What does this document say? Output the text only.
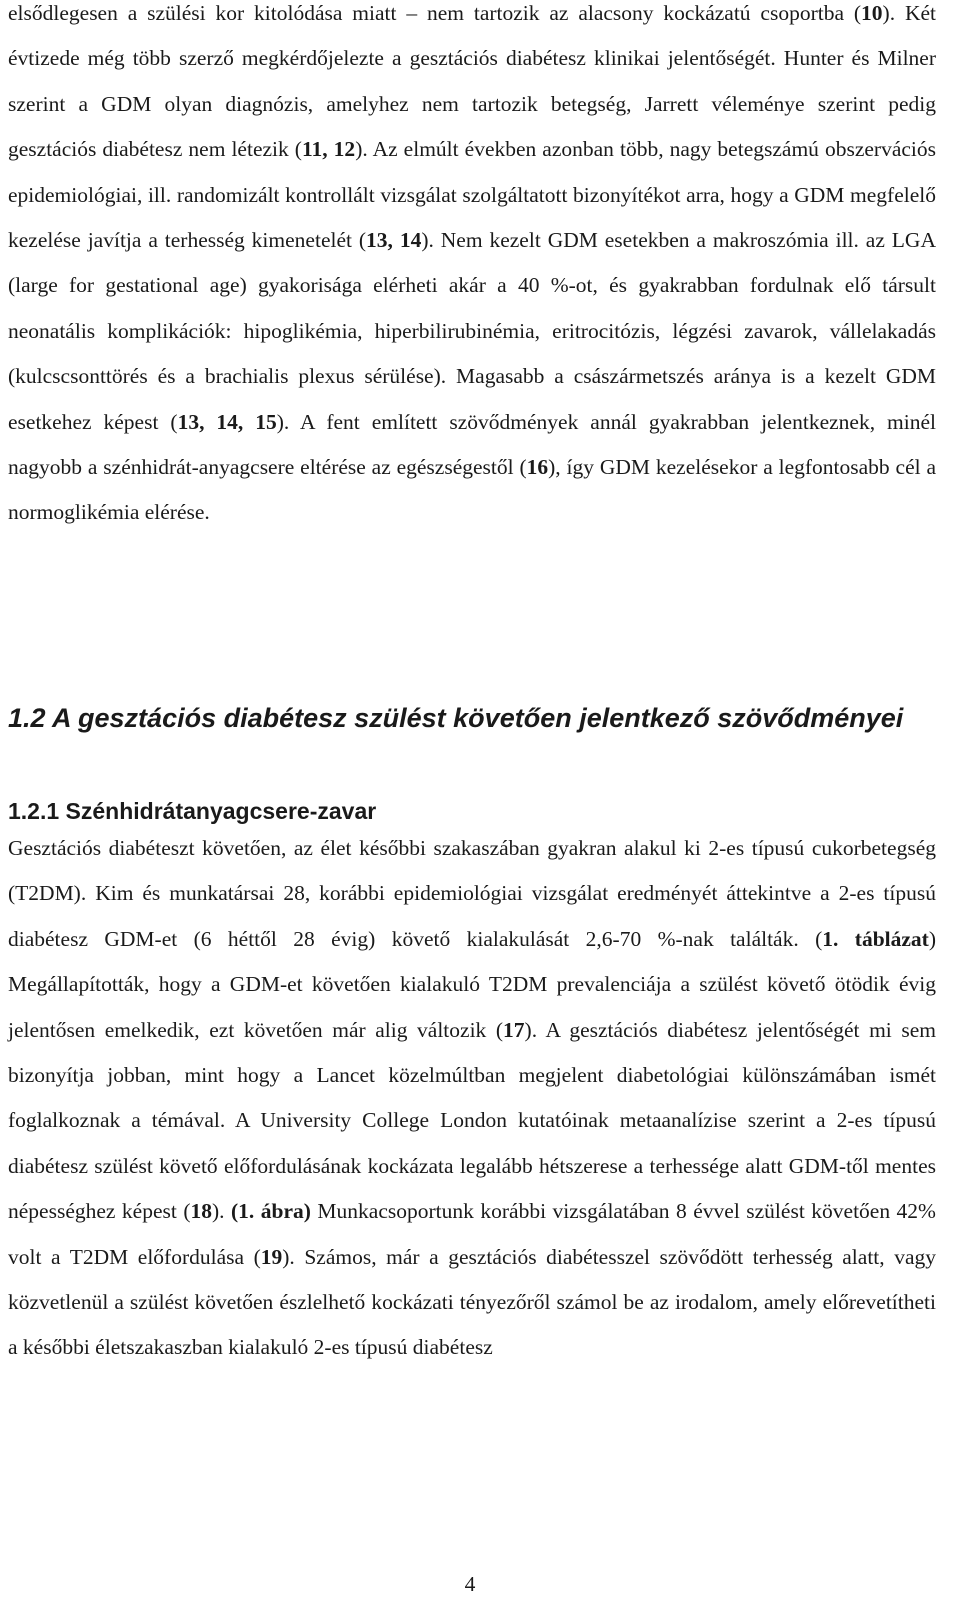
elsődlegesen a szülési kor kitolódása miatt – nem tartozik az alacsony kockázatú csoportba (10). Két évtizede még több szerző megkérdőjelezte a gesztációs diabétesz klinikai jelentőségét. Hunter és Milner szerint a GDM olyan diagnózis, amelyhez nem tartozik betegség, Jarrett véleménye szerint pedig gesztációs diabétesz nem létezik (11, 12). Az elmúlt években azonban több, nagy betegszámú obszervációs epidemiológiai, ill. randomizált kontrollált vizsgálat szolgáltatott bizonyítékot arra, hogy a GDM megfelelő kezelése javítja a terhesség kimenetelét (13, 14). Nem kezelt GDM esetekben a makroszómia ill. az LGA (large for gestational age) gyakorisága elérheti akár a 40 %-ot, és gyakrabban fordulnak elő társult neonatális komplikációk: hipoglikémia, hiperbilirubinémia, eritrocitózis, légzési zavarok, vállelakadás (kulcscsonttörés és a brachialis plexus sérülése). Magasabb a császármetszés aránya is a kezelt GDM esetkehez képest (13, 14, 15). A fent említett szövődmények annál gyakrabban jelentkeznek, minél nagyobb a szénhidrát-anyagcsere eltérése az egészségestől (16), így GDM kezelésekor a legfontosabb cél a normoglikémia elérése.

1.2 A gesztációs diabétesz szülést követően jelentkező szövődményei
1.2.1 Szénhidrátanyagcsere-zavar

Gesztációs diabéteszt követően, az élet későbbi szakaszában gyakran alakul ki 2-es típusú cukorbetegség (T2DM). Kim és munkatársai 28, korábbi epidemiológiai vizsgálat eredményét áttekintve a 2-es típusú diabétesz GDM-et (6 héttől 28 évig) követő kialakulását 2,6-70 %-nak találták. (1. táblázat) Megállapították, hogy a GDM-et követően kialakuló T2DM prevalenciája a szülést követő ötödik évig jelentősen emelkedik, ezt követően már alig változik (17). A gesztációs diabétesz jelentőségét mi sem bizonyítja jobban, mint hogy a Lancet közelmúltban megjelent diabetológiai különszámában ismét foglalkoznak a témával. A University College London kutatóinak metaanalízise szerint a 2-es típusú diabétesz szülést követő előfordulásának kockázata legalább hétszerese a terhessége alatt GDM-től mentes népességhez képest (18). (1. ábra) Munkacsoportunk korábbi vizsgálatában 8 évvel szülést követően 42% volt a T2DM előfordulása (19). Számos, már a gesztációs diabétesszel szövődött terhesség alatt, vagy közvetlenül a szülést követően észlelhető kockázati tényezőről számol be az irodalom, amely előrevetítheti a későbbi életszakaszban kialakuló 2-es típusú diabétesz

4
